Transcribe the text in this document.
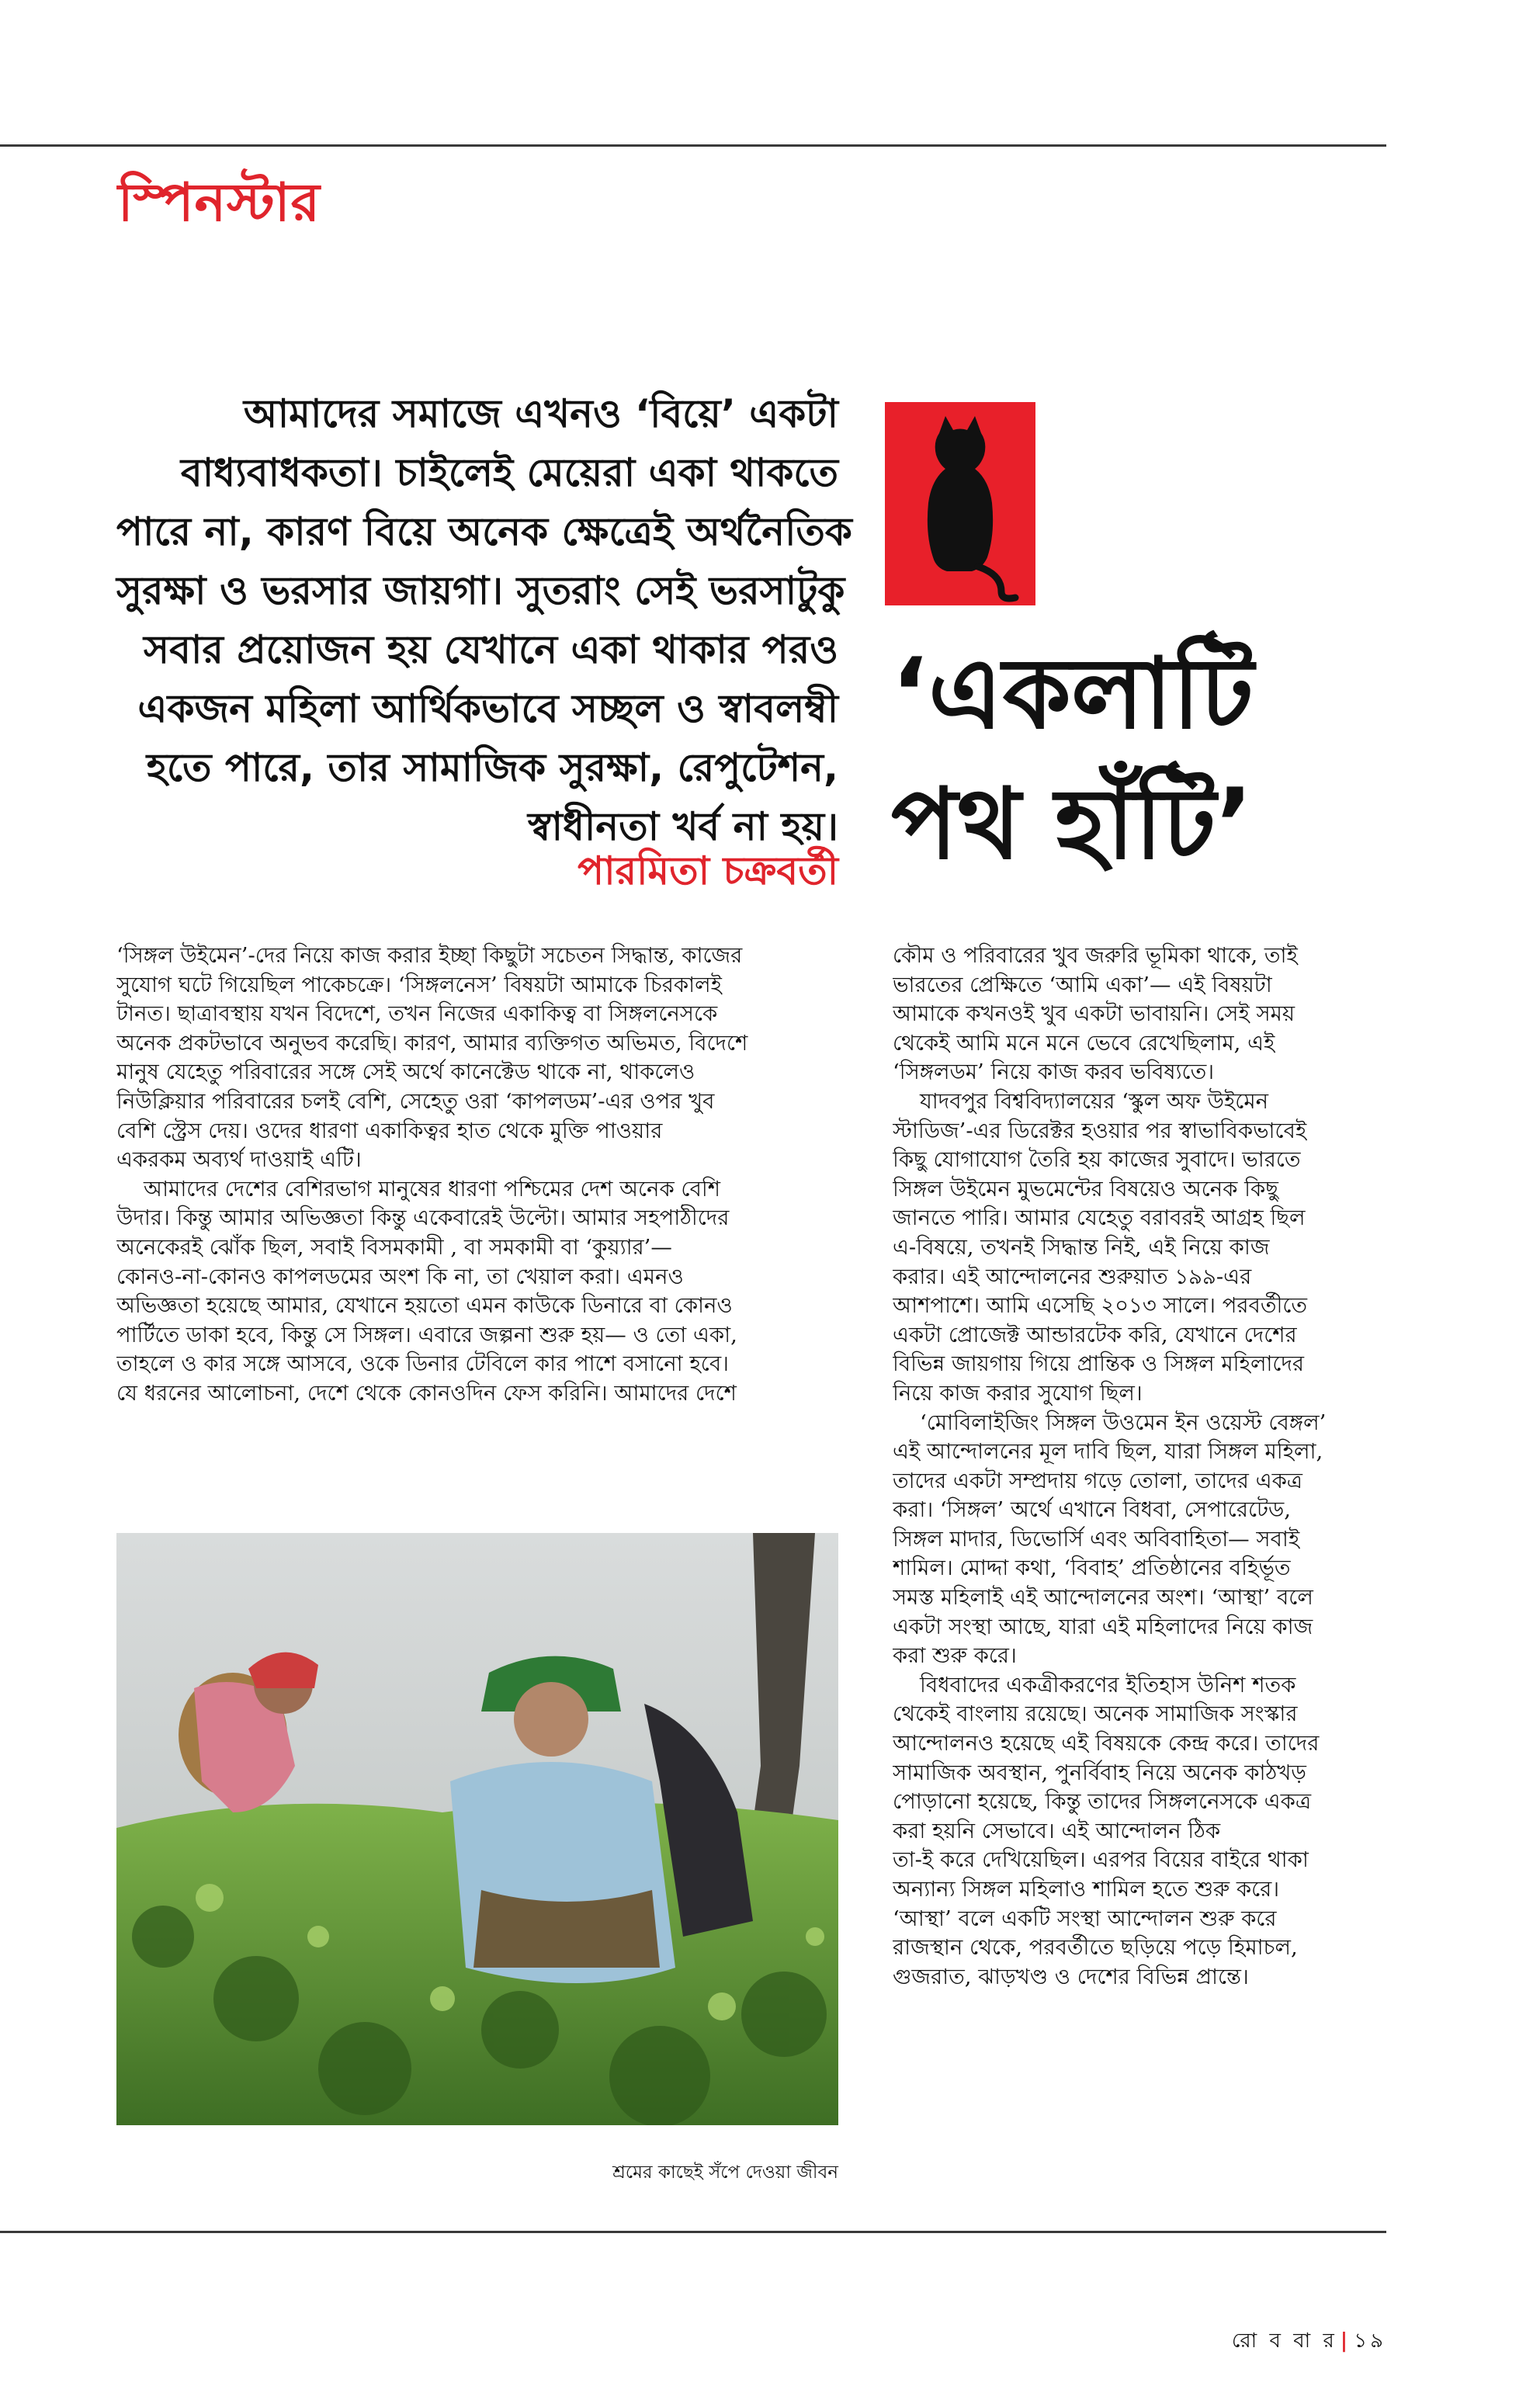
স্পিনস্টার
আমাদের সমাজে এখনও ‘বিয়ে’ একটা
বাধ্যবাধকতা। চাইলেই মেয়েরা একা থাকতে
পারে না, কারণ বিয়ে অনেক ক্ষেত্রেই অর্থনৈতিক
সুরক্ষা ও ভরসার জায়গা। সুতরাং সেই ভরসাটুকু
সবার প্রয়োজন হয় যেখানে একা থাকার পরও
একজন মহিলা আর্থিকভাবে সচ্ছল ও স্বাবলম্বী
হতে পারে, তার সামাজিক সুরক্ষা, রেপুটেশন,
স্বাধীনতা খর্ব না হয়।
পারমিতা চক্রবর্তী
‘একলাটি
পথ হাঁটি’
‘সিঙ্গল উইমেন’-দের নিয়ে কাজ করার ইচ্ছা কিছুটা সচেতন সিদ্ধান্ত, কাজের
সুযোগ ঘটে গিয়েছিল পাকেচক্রে। ‘সিঙ্গলনেস’ বিষয়টা আমাকে চিরকালই
টানত। ছাত্রাবস্থায় যখন বিদেশে, তখন নিজের একাকিত্ব বা সিঙ্গলনেসকে
অনেক প্রকটভাবে অনুভব করেছি। কারণ, আমার ব্যক্তিগত অভিমত, বিদেশে
মানুষ যেহেতু পরিবারের সঙ্গে সেই অর্থে কানেক্টেড থাকে না, থাকলেও
নিউক্লিয়ার পরিবারের চলই বেশি, সেহেতু ওরা ‘কাপলডম’-এর ওপর খুব
বেশি স্ট্রেস দেয়। ওদের ধারণা একাকিত্বর হাত থেকে মুক্তি পাওয়ার
একরকম অব্যর্থ দাওয়াই এটি।
আমাদের দেশের বেশিরভাগ মানুষের ধারণা পশ্চিমের দেশ অনেক বেশি
উদার। কিন্তু আমার অভিজ্ঞতা কিন্তু একেবারেই উল্টো। আমার সহপাঠীদের
অনেকেরই ঝোঁক ছিল, সবাই বিসমকামী , বা সমকামী বা ‘কুয়্যার’—
কোনও-না-কোনও কাপলডমের অংশ কি না, তা খেয়াল করা। এমনও
অভিজ্ঞতা হয়েছে আমার, যেখানে হয়তো এমন কাউকে ডিনারে বা কোনও
পার্টিতে ডাকা হবে, কিন্তু সে সিঙ্গল। এবারে জল্পনা শুরু হয়— ও তো একা,
তাহলে ও কার সঙ্গে আসবে, ওকে ডিনার টেবিলে কার পাশে বসানো হবে।
যে ধরনের আলোচনা, দেশে থেকে কোনওদিন ফেস করিনি। আমাদের দেশে
কৌম ও পরিবারের খুব জরুরি ভূমিকা থাকে, তাই
ভারতের প্রেক্ষিতে ‘আমি একা’— এই বিষয়টা
আমাকে কখনওই খুব একটা ভাবায়নি। সেই সময়
থেকেই আমি মনে মনে ভেবে রেখেছিলাম, এই
‘সিঙ্গলডম’ নিয়ে কাজ করব ভবিষ্যতে।
যাদবপুর বিশ্ববিদ্যালয়ের ‘স্কুল অফ উইমেন
স্টাডিজ’-এর ডিরেক্টর হওয়ার পর স্বাভাবিকভাবেই
কিছু যোগাযোগ তৈরি হয় কাজের সুবাদে। ভারতে
সিঙ্গল উইমেন মুভমেন্টের বিষয়েও অনেক কিছু
জানতে পারি। আমার যেহেতু বরাবরই আগ্রহ ছিল
এ-বিষয়ে, তখনই সিদ্ধান্ত নিই, এই নিয়ে কাজ
করার। এই আন্দোলনের শুরুয়াত ১৯৯-এর
আশপাশে। আমি এসেছি ২০১৩ সালে। পরবর্তীতে
একটা প্রোজেক্ট আন্ডারটেক করি, যেখানে দেশের
বিভিন্ন জায়গায় গিয়ে প্রান্তিক ও সিঙ্গল মহিলাদের
নিয়ে কাজ করার সুযোগ ছিল।
‘মোবিলাইজিং সিঙ্গল উওমেন ইন ওয়েস্ট বেঙ্গল’
এই আন্দোলনের মূল দাবি ছিল, যারা সিঙ্গল মহিলা,
তাদের একটা সম্প্রদায় গড়ে তোলা, তাদের একত্র
করা। ‘সিঙ্গল’ অর্থে এখানে বিধবা, সেপারেটেড,
সিঙ্গল মাদার, ডিভোর্সি এবং অবিবাহিতা— সবাই
শামিল। মোদ্দা কথা, ‘বিবাহ’ প্রতিষ্ঠানের বহির্ভূত
সমস্ত মহিলাই এই আন্দোলনের অংশ। ‘আস্থা’ বলে
একটা সংস্থা আছে, যারা এই মহিলাদের নিয়ে কাজ
করা শুরু করে।
বিধবাদের একত্রীকরণের ইতিহাস উনিশ শতক
থেকেই বাংলায় রয়েছে। অনেক সামাজিক সংস্কার
আন্দোলনও হয়েছে এই বিষয়কে কেন্দ্র করে। তাদের
সামাজিক অবস্থান, পুনর্বিবাহ নিয়ে অনেক কাঠখড়
পোড়ানো হয়েছে, কিন্তু তাদের সিঙ্গলনেসকে একত্র
করা হয়নি সেভাবে। এই আন্দোলন ঠিক
তা-ই করে দেখিয়েছিল। এরপর বিয়ের বাইরে থাকা
অন্যান্য সিঙ্গল মহিলাও শামিল হতে শুরু করে।
‘আস্থা’ বলে একটি সংস্থা আন্দোলন শুরু করে
রাজস্থান থেকে, পরবর্তীতে ছড়িয়ে পড়ে হিমাচল,
গুজরাত, ঝাড়খণ্ড ও দেশের বিভিন্ন প্রান্তে।
শ্রমের কাছেই সঁপে দেওয়া জীবন
রো ব বা র | ১৯
